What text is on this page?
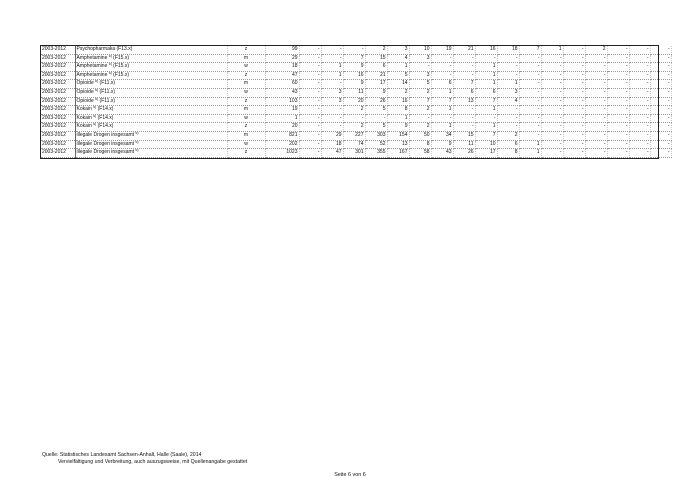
2003-2012	Psychopharmaka (F13.x)	z	99	-	-	-	2	3	10	19	21	16	18	7	1	-	2	-	-	-
2003-2012	Amphetamine $^{6)}$ (F15.x)	m	29	-	-	7	15	4	3	-	-	-	-	-	-	-	-	-	-	-
2003-2012	Amphetamine $^{6)}$ (F15.x)	w	18	-	1	9	6	1	-	-	-	1	-	-	-	-	-	-	-	-
2003-2012	Amphetamine $^{6)}$ (F15.x)	z	47	-	1	16	21	5	3	-	-	1	-	-	-	-	-	-	-	-
2003-2012	Opioide $^{6)}$ (F11.x)	m	60	-	-	9	17	14	5	6	7	1	1	-	-	-	-	-	-	-
2003-2012	Opioide $^{6)}$ (F11.x)	w	43	-	3	11	9	2	2	1	6	6	3	-	-	-	-	-	-	-
2003-2012	Opioide $^{6)}$ (F11.x)	z	103	-	3	20	26	16	7	7	13	7	4	-	-	-	-	-	-	-
2003-2012	Kokain $^{6)}$ (F14.x)	m	19	-	-	2	5	8	2	1	-	1	-	-	-	-	-	-	-	-
2003-2012	Kokain $^{6)}$ (F14.x)	w	1	-	-	-	-	1	-	-	-	-	-	-	-	-	-	-	-	-
2003-2012	Kokain $^{6)}$ (F14.x)	z	20	-	-	2	5	9	2	1	-	1	-	-	-	-	-	-	-	-
2003-2012	illegale Drogen insgesamt $^{6)}$	m	821	-	29	227	303	154	50	34	15	7	2	-	-	-	-	-	-	-
2003-2012	illegale Drogen insgesamt $^{6)}$	w	202	-	18	74	52	13	8	9	11	10	6	1	-	-	-	-	-	-
2003-2012	illegale Drogen insgesamt $^{6)}$	z	1023	-	47	301	355	167	58	43	26	17	8	1	-	-	-	-	-	-
Quelle: Statistisches Landesamt Sachsen-Anhalt, Halle (Saale), 2014
Vervielfältigung und Verbreitung, auch auszugsweise, mit Quellenangabe gestattet
Seite 6 von 6
